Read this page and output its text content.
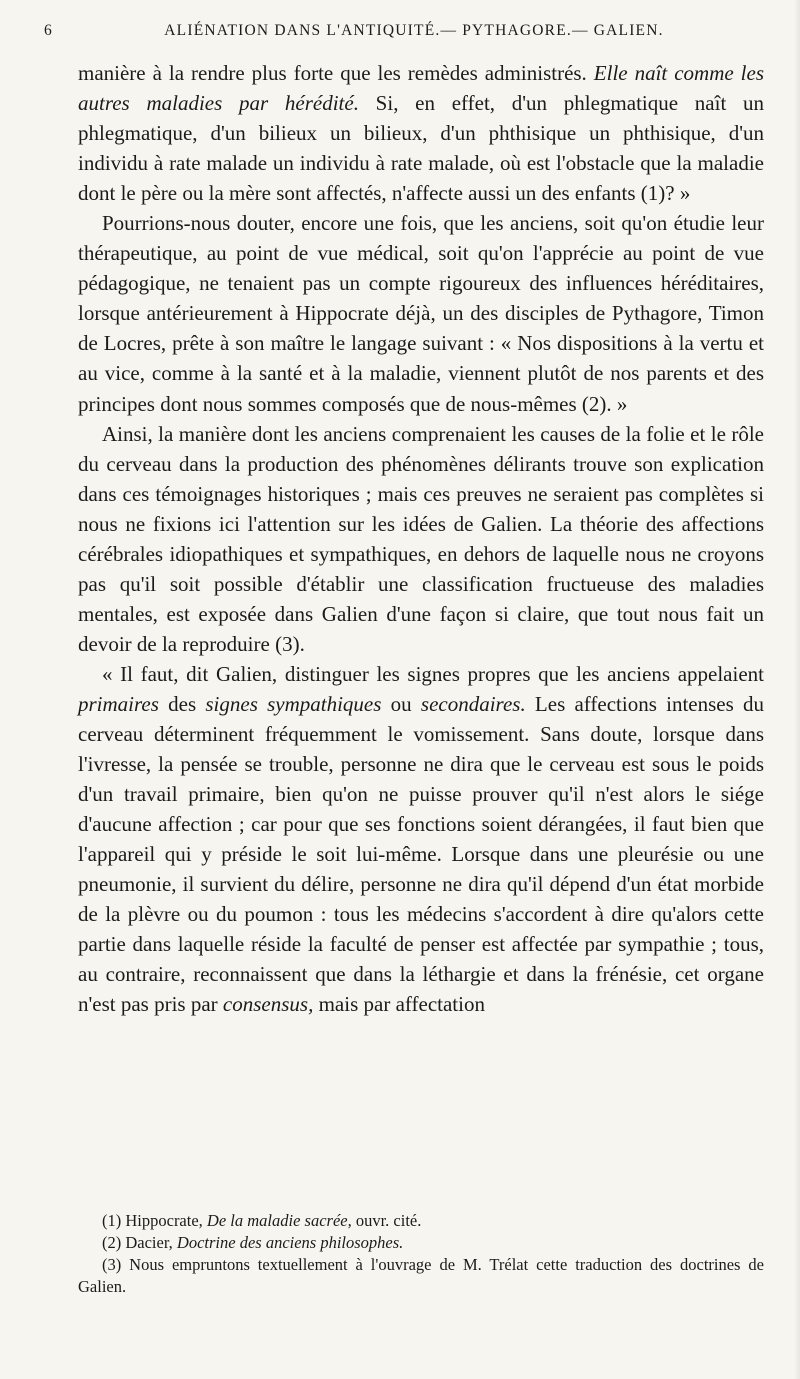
6	ALIÉNATION DANS L'ANTIQUITÉ.— PYTHAGORE.— GALIEN.

manière à la rendre plus forte que les remèdes administrés. Elle naît comme les autres maladies par hérédité. Si, en effet, d'un phlegmatique naît un phlegmatique, d'un bilieux un bilieux, d'un phthisique un phthisique, d'un individu à rate malade un individu à rate malade, où est l'obstacle que la maladie dont le père ou la mère sont affectés, n'affecte aussi un des enfants (1)? »

Pourrions-nous douter, encore une fois, que les anciens, soit qu'on étudie leur thérapeutique, au point de vue médical, soit qu'on l'apprécie au point de vue pédagogique, ne tenaient pas un compte rigoureux des influences héréditaires, lorsque antérieurement à Hippocrate déjà, un des disciples de Pythagore, Timon de Locres, prête à son maître le langage suivant : « Nos dispositions à la vertu et au vice, comme à la santé et à la maladie, viennent plutôt de nos parents et des principes dont nous sommes composés que de nous-mêmes (2). »

Ainsi, la manière dont les anciens comprenaient les causes de la folie et le rôle du cerveau dans la production des phénomènes délirants trouve son explication dans ces témoignages historiques ; mais ces preuves ne seraient pas complètes si nous ne fixions ici l'attention sur les idées de Galien. La théorie des affections cérébrales idiopathiques et sympathiques, en dehors de laquelle nous ne croyons pas qu'il soit possible d'établir une classification fructueuse des maladies mentales, est exposée dans Galien d'une façon si claire, que tout nous fait un devoir de la reproduire (3).

« Il faut, dit Galien, distinguer les signes propres que les anciens appelaient primaires des signes sympathiques ou secondaires. Les affections intenses du cerveau déterminent fréquemment le vomissement. Sans doute, lorsque dans l'ivresse, la pensée se trouble, personne ne dira que le cerveau est sous le poids d'un travail primaire, bien qu'on ne puisse prouver qu'il n'est alors le siége d'aucune affection ; car pour que ses fonctions soient dérangées, il faut bien que l'appareil qui y préside le soit lui-même. Lorsque dans une pleurésie ou une pneumonie, il survient du délire, personne ne dira qu'il dépend d'un état morbide de la plèvre ou du poumon : tous les médecins s'accordent à dire qu'alors cette partie dans laquelle réside la faculté de penser est affectée par sympathie ; tous, au contraire, reconnaissent que dans la léthargie et dans la frénésie, cet organe n'est pas pris par consensus, mais par affectation

(1) Hippocrate, De la maladie sacrée, ouvr. cité.

(2) Dacier, Doctrine des anciens philosophes.

(3) Nous empruntons textuellement à l'ouvrage de M. Trélat cette traduction des doctrines de Galien.
